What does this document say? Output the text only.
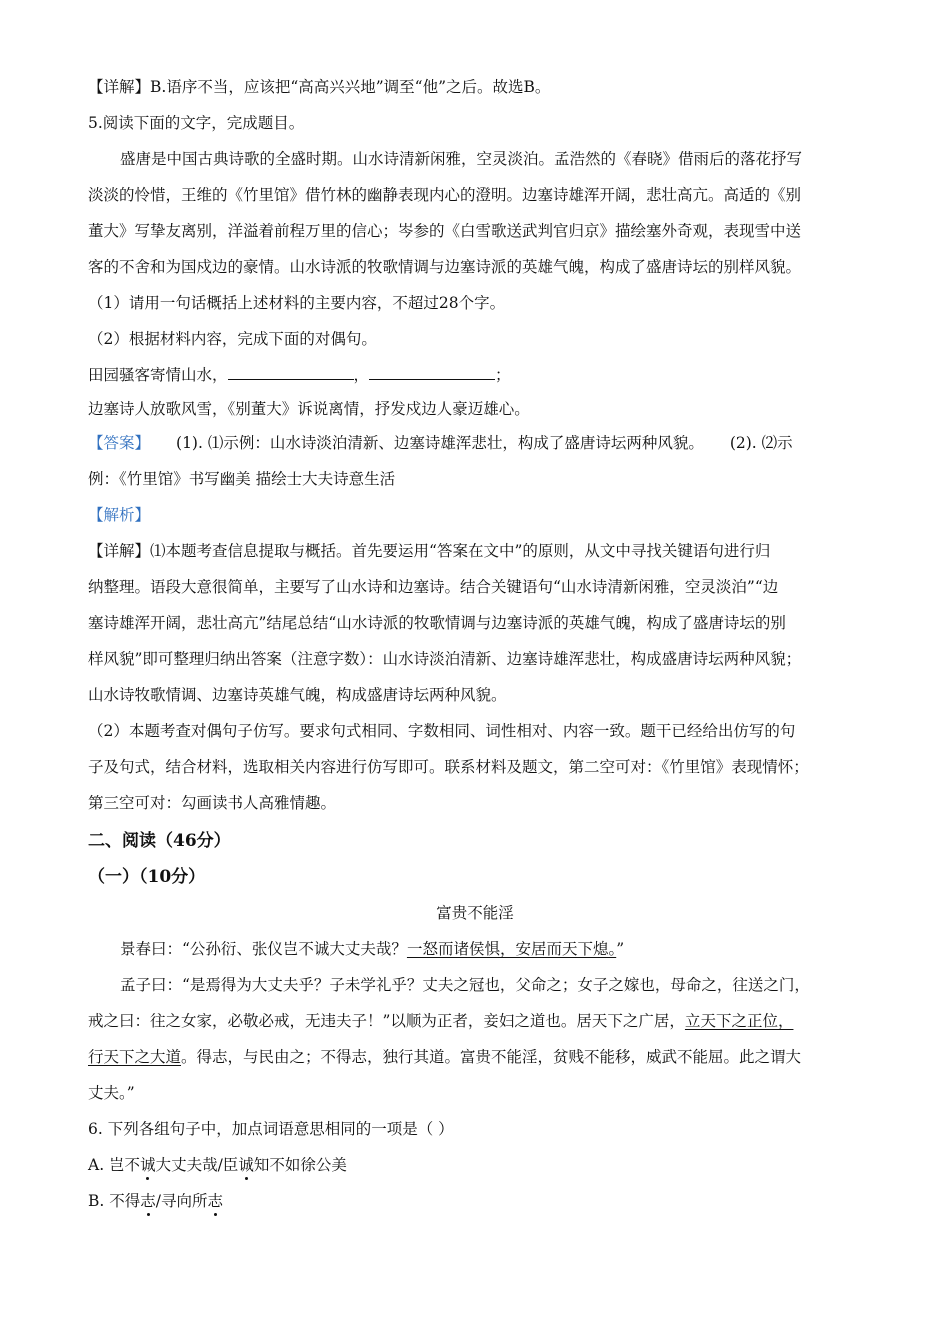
【详解】B.语序不当，应该把“高高兴兴地”调至“他”之后。故选B。
5.阅读下面的文字，完成题目。
盛唐是中国古典诗歌的全盛时期。山水诗清新闲雅，空灵淡泊。孟浩然的《春晓》借雨后的落花抒写
淡淡的怜惜，王维的《竹里馆》借竹林的幽静表现内心的澄明。边塞诗雄浑开阔，悲壮高亢。高适的《别
董大》写挚友离别，洋溢着前程万里的信心；岑参的《白雪歌送武判官归京》描绘塞外奇观，表现雪中送
客的不舍和为国戍边的豪情。山水诗派的牧歌情调与边塞诗派的英雄气魄，构成了盛唐诗坛的别样风貌。
（1）请用一句话概括上述材料的主要内容，不超过28个字。
（2）根据材料内容，完成下面的对偶句。
田园骚客寄情山水，	，	；
边塞诗人放歌风雪，《别董大》诉说离情，抒发戍边人豪迈雄心。
【答案】 (1). ⑴示例：山水诗淡泊清新、边塞诗雄浑悲壮，构成了盛唐诗坛两种风貌。 (2). ⑵示
例：《竹里馆》书写幽美 描绘士大夫诗意生活
【解析】
【详解】⑴本题考查信息提取与概括。首先要运用“答案在文中”的原则，从文中寻找关键语句进行归
纳整理。语段大意很简单，主要写了山水诗和边塞诗。结合关键语句“山水诗清新闲雅，空灵淡泊”“边
塞诗雄浑开阔，悲壮高亢”结尾总结“山水诗派的牧歌情调与边塞诗派的英雄气魄，构成了盛唐诗坛的别
样风貌”即可整理归纳出答案（注意字数）：山水诗淡泊清新、边塞诗雄浑悲壮，构成盛唐诗坛两种风貌；
山水诗牧歌情调、边塞诗英雄气魄，构成盛唐诗坛两种风貌。
（2）本题考查对偶句子仿写。要求句式相同、字数相同、词性相对、内容一致。题干已经给出仿写的句
子及句式，结合材料，选取相关内容进行仿写即可。联系材料及题文，第二空可对：《竹里馆》表现情怀；
第三空可对：勾画读书人高雅情趣。
二、阅读（46分）
（一）（10分）
富贵不能淫
景春曰：“公孙衍、张仪岂不诚大丈夫哉？一怒而诸侯惧，安居而天下熄。”
孟子曰：“是焉得为大丈夫乎？子未学礼乎？丈夫之冠也，父命之；女子之嫁也，母命之，往送之门，
戒之曰：往之女家，必敬必戒，无违夫子！”以顺为正者，妾妇之道也。居天下之广居，立天下之正位，
行天下之大道。得志，与民由之；不得志，独行其道。富贵不能淫，贫贱不能移，威武不能屈。此之谓大
丈夫。”
6. 下列各组句子中，加点词语意思相同的一项是（ ）
A. 岂不诚大丈夫哉/臣诚知不如徐公美
B. 不得志/寻向所志
